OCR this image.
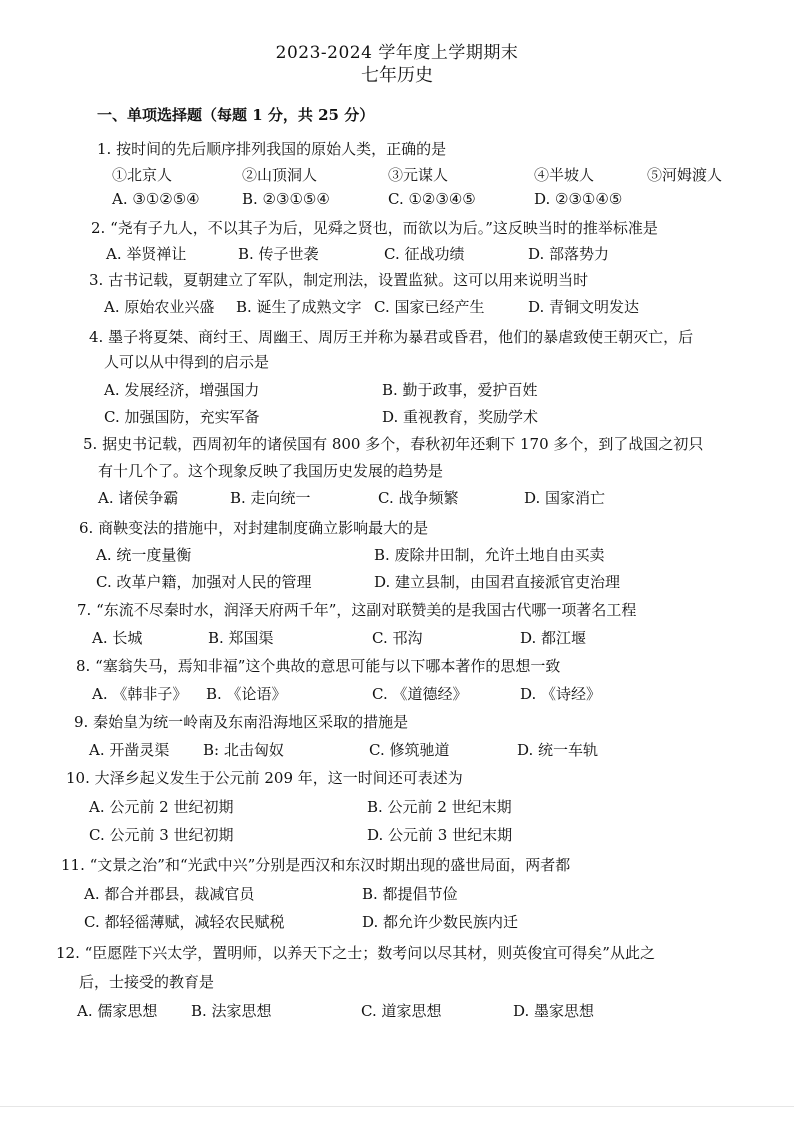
2023-2024 学年度上学期期末
七年历史
一、单项选择题（每题 1 分，共 25 分）
1. 按时间的先后顺序排列我国的原始人类，正确的是
①北京人	②山顶洞人	③元谋人	④半坡人	⑤河姆渡人
A. ③①②⑤④	B. ②③①⑤④	C. ①②③④⑤	D. ②③①④⑤
2. “尧有子九人，不以其子为后，见舜之贤也，而欲以为后。”这反映当时的推举标准是
A. 举贤禅让	B. 传子世袭	C. 征战功绩	D. 部落势力
3. 古书记载，夏朝建立了军队，制定刑法，设置监狱。这可以用来说明当时
A. 原始农业兴盛 B. 诞生了成熟文字 C. 国家已经产生	D. 青铜文明发达
4. 墨子将夏桀、商纣王、周幽王、周厉王并称为暴君或昏君，他们的暴虐致使王朝灭亡，后
人可以从中得到的启示是
A. 发展经济，增强国力	B. 勤于政事，爱护百姓
C. 加强国防，充实军备	D. 重视教育，奖励学术
5. 据史书记载，西周初年的诸侯国有 800 多个，春秋初年还剩下 170 多个，到了战国之初只
有十几个了。这个现象反映了我国历史发展的趋势是
A. 诸侯争霸	B. 走向统一	C. 战争频繁	D. 国家消亡
6. 商鞅变法的措施中，对封建制度确立影响最大的是
A. 统一度量衡	B. 废除井田制，允许土地自由买卖
C. 改革户籍，加强对人民的管理	D. 建立县制，由国君直接派官吏治理
7. “东流不尽秦时水，润泽天府两千年”，这副对联赞美的是我国古代哪一项著名工程
A. 长城	B. 郑国渠	C. 邗沟	D. 都江堰
8. “塞翁失马，焉知非福”这个典故的意思可能与以下哪本著作的思想一致
A. 《韩非子》 B. 《论语》	C. 《道德经》	D. 《诗经》
9. 秦始皇为统一岭南及东南沿海地区采取的措施是
A. 开凿灵渠 B: 北击匈奴	C. 修筑驰道	D. 统一车轨
10. 大泽乡起义发生于公元前 209 年，这一时间还可表述为
A. 公元前 2 世纪初期	B. 公元前 2 世纪末期
C. 公元前 3 世纪初期	D. 公元前 3 世纪末期
11. “文景之治”和“光武中兴”分别是西汉和东汉时期出现的盛世局面，两者都
A. 都合并郡县，裁减官员	B. 都提倡节俭
C. 都轻徭薄赋，减轻农民赋税	D. 都允许少数民族内迁
12. “臣愿陛下兴太学，置明师，以养天下之士；数考问以尽其材，则英俊宜可得矣”从此之
后，士接受的教育是
A. 儒家思想 B. 法家思想	C. 道家思想	D. 墨家思想
